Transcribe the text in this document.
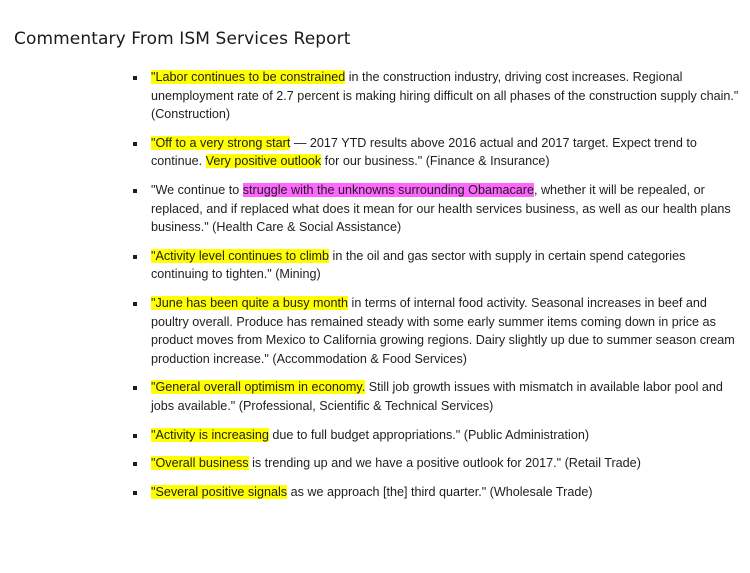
Commentary From ISM Services Report
"Labor continues to be constrained in the construction industry, driving cost increases. Regional unemployment rate of 2.7 percent is making hiring difficult on all phases of the construction supply chain." (Construction)
"Off to a very strong start — 2017 YTD results above 2016 actual and 2017 target. Expect trend to continue. Very positive outlook for our business." (Finance & Insurance)
"We continue to struggle with the unknowns surrounding Obamacare, whether it will be repealed, or replaced, and if replaced what does it mean for our health services business, as well as our health plans business." (Health Care & Social Assistance)
"Activity level continues to climb in the oil and gas sector with supply in certain spend categories continuing to tighten." (Mining)
"June has been quite a busy month in terms of internal food activity. Seasonal increases in beef and poultry overall. Produce has remained steady with some early summer items coming down in price as product moves from Mexico to California growing regions. Dairy slightly up due to summer season cream production increase." (Accommodation & Food Services)
"General overall optimism in economy. Still job growth issues with mismatch in available labor pool and jobs available." (Professional, Scientific & Technical Services)
"Activity is increasing due to full budget appropriations." (Public Administration)
"Overall business is trending up and we have a positive outlook for 2017." (Retail Trade)
"Several positive signals as we approach [the] third quarter." (Wholesale Trade)
